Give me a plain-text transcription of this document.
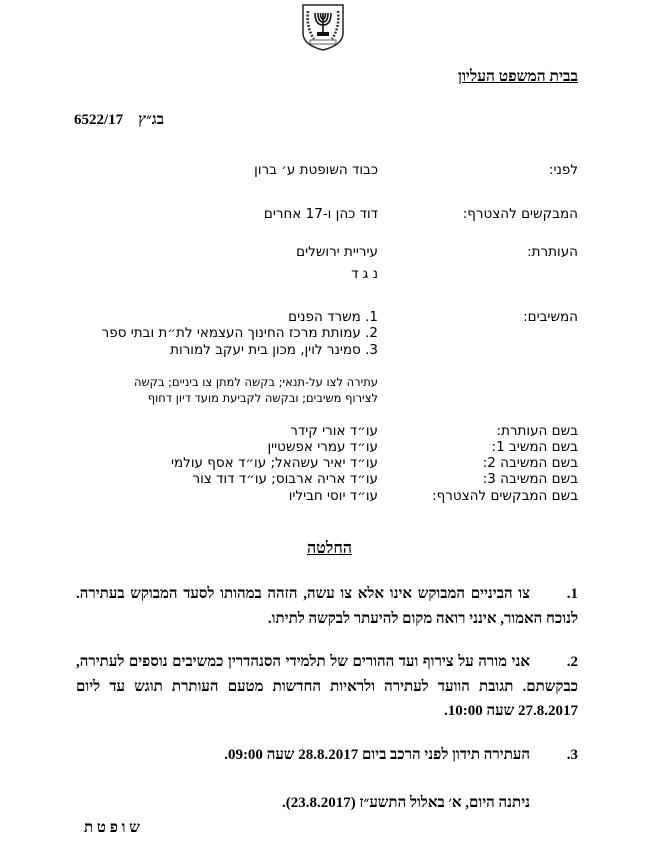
בבית המשפט העליון
בג״ץ
6522/17
לפני:
כבוד השופטת ע׳ ברון
המבקשים להצטרף:
דוד כהן ו-17 אחרים
העותרת:
עיריית ירושלים
נ ג ד
המשיבים:
1. משרד הפנים
2. עמותת מרכז החינוך העצמאי לת״ת ובתי ספר
3. סמינר לוין, מכון בית יעקב למורות
עתירה לצו על-תנאי; בקשה למתן צו ביניים; בקשה
לצירוף משיבים; ובקשה לקביעת מועד דיון דחוף
בשם העותרת:
עו״ד אורי קידר
בשם המשיב 1:
עו״ד עמרי אפשטיין
בשם המשיבה 2:
עו״ד יאיר עשהאל; עו״ד אסף עולמי
בשם המשיבה 3:
עו״ד אריה ארבוס; עו״ד דוד צור
בשם המבקשים להצטרף:
עו״ד יוסי חביליו
החלטה
1.
צו הביניים המבוקש אינו אלא צו עשה, הזהה במהותו לסעד המבוקש בעתירה. לנוכח האמור, אינני רואה מקום להיעתר לבקשה לתיתו.
2.
אני מורה על צירוף ועד ההורים של תלמידי הסנהדרין כמשיבים נוספים לעתירה, כבקשתם. תגובת הוועד לעתירה ולראיות החדשות מטעם העותרת תוגש עד ליום 27.8.2017 שעה 10:00.
3.
העתירה תידון לפני הרכב ביום 28.8.2017 שעה 09:00.
ניתנה היום, א׳ באלול התשע״ז (23.8.2017).
ש ו פ ט ת
